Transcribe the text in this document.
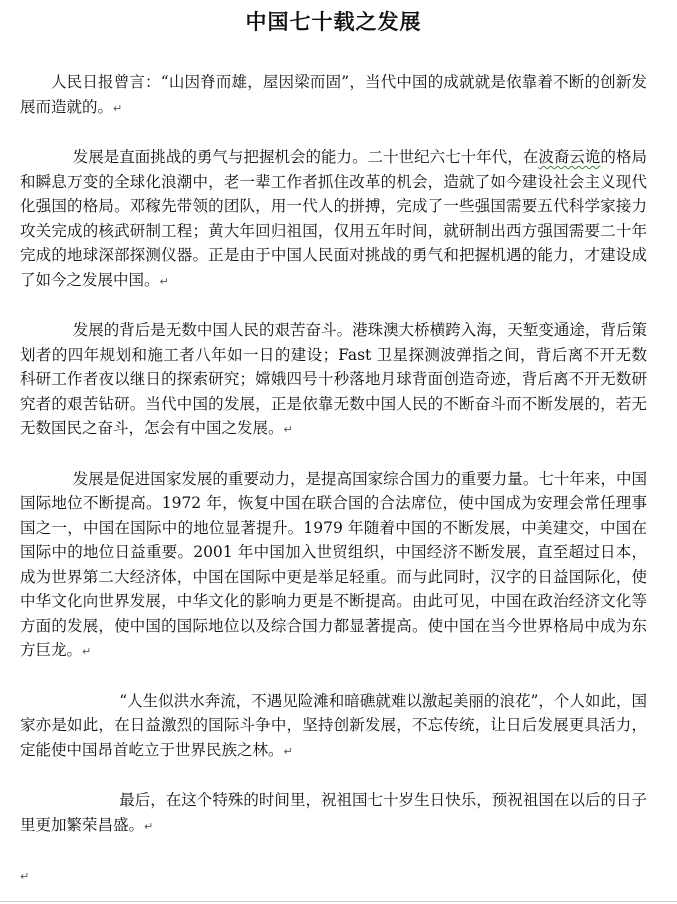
中国七十载之发展

人民日报曾言：“山因脊而雄，屋因梁而固”，当代中国的成就就是依靠着不断的创新发展而造就的。↵

发展是直面挑战的勇气与把握机会的能力。二十世纪六七十年代，在波裔云诡的格局和瞬息万变的全球化浪潮中，老一辈工作者抓住改革的机会，造就了如今建设社会主义现代化强国的格局。邓稼先带领的团队，用一代人的拼搏，完成了一些强国需要五代科学家接力攻关完成的核武研制工程；黄大年回归祖国，仅用五年时间，就研制出西方强国需要二十年完成的地球深部探测仪器。正是由于中国人民面对挑战的勇气和把握机遇的能力，才建设成了如今之发展中国。↵

发展的背后是无数中国人民的艰苦奋斗。港珠澳大桥横跨入海，天堑变通途，背后策划者的四年规划和施工者八年如一日的建设；Fast 卫星探测波弹指之间，背后离不开无数科研工作者夜以继日的探索研究；嫦娥四号十秒落地月球背面创造奇迹，背后离不开无数研究者的艰苦钻研。当代中国的发展，正是依靠无数中国人民的不断奋斗而不断发展的，若无无数国民之奋斗，怎会有中国之发展。↵

发展是促进国家发展的重要动力，是提高国家综合国力的重要力量。七十年来，中国国际地位不断提高。1972 年，恢复中国在联合国的合法席位，使中国成为安理会常任理事国之一，中国在国际中的地位显著提升。1979 年随着中国的不断发展，中美建交，中国在国际中的地位日益重要。2001 年中国加入世贸组织，中国经济不断发展，直至超过日本，成为世界第二大经济体，中国在国际中更是举足轻重。而与此同时，汉字的日益国际化，使中华文化向世界发展，中华文化的影响力更是不断提高。由此可见，中国在政治经济文化等方面的发展，使中国的国际地位以及综合国力都显著提高。使中国在当今世界格局中成为东方巨龙。↵

“人生似洪水奔流，不遇见险滩和暗礁就难以激起美丽的浪花”，个人如此，国家亦是如此，在日益激烈的国际斗争中，坚持创新发展，不忘传统，让日后发展更具活力，定能使中国昂首屹立于世界民族之林。↵

最后，在这个特殊的时间里，祝祖国七十岁生日快乐，预祝祖国在以后的日子里更加繁荣昌盛。↵

↵
